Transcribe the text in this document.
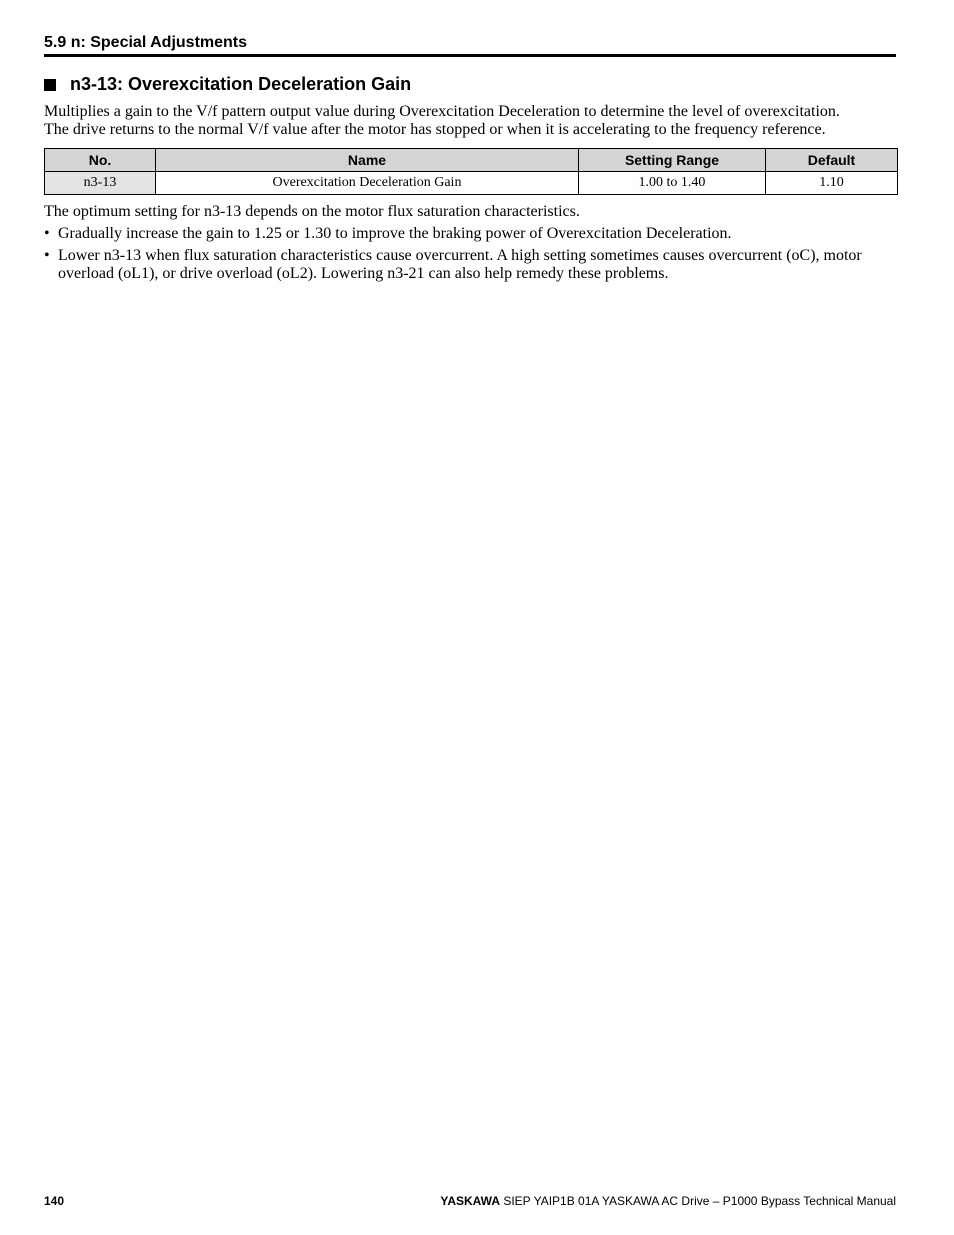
5.9 n: Special Adjustments
n3-13: Overexcitation Deceleration Gain

Multiplies a gain to the V/f pattern output value during Overexcitation Deceleration to determine the level of overexcitation.
The drive returns to the normal V/f value after the motor has stopped or when it is accelerating to the frequency reference.

No.	Name	Setting Range	Default
n3-13	Overexcitation Deceleration Gain	1.00 to 1.40	1.10

The optimum setting for n3-13 depends on the motor flux saturation characteristics.

• Gradually increase the gain to 1.25 or 1.30 to improve the braking power of Overexcitation Deceleration.
• Lower n3-13 when flux saturation characteristics cause overcurrent. A high setting sometimes causes overcurrent (oC), motor overload (oL1), or drive overload (oL2). Lowering n3-21 can also help remedy these problems.
140	YASKAWA SIEP YAIP1B 01A YASKAWA AC Drive – P1000 Bypass Technical Manual
